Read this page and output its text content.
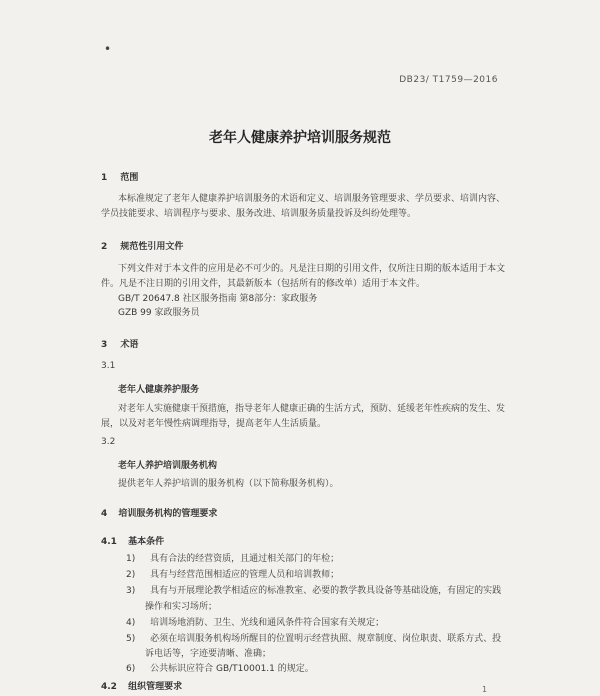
•
DB23/ T1759—2016
老年人健康养护培训服务规范
1 范围
本标准规定了老年人健康养护培训服务的术语和定义、培训服务管理要求、学员要求、培训内容、
学员技能要求、培训程序与要求、服务改进、培训服务质量投诉及纠纷处理等。
2 规范性引用文件
下列文件对于本文件的应用是必不可少的。凡是注日期的引用文件，仅所注日期的版本适用于本文
件。凡是不注日期的引用文件，其最新版本（包括所有的修改单）适用于本文件。
GB/T 20647.8 社区服务指南 第8部分：家政服务
GZB 99 家政服务员
3 术语
3.1
老年人健康养护服务
对老年人实施健康干预措施，指导老年人健康正确的生活方式，预防、延缓老年性疾病的发生、发
展，以及对老年慢性病调理指导，提高老年人生活质量。
3.2
老年人养护培训服务机构
提供老年人养护培训的服务机构（以下简称服务机构）。
4 培训服务机构的管理要求
4.1 基本条件
1) 具有合法的经营资质，且通过相关部门的年检；
2) 具有与经营范围相适应的管理人员和培训教师；
3) 具有与开展理论教学相适应的标准教室、必要的教学教具设备等基础设施，有固定的实践
操作和实习场所；
4) 培训场地消防、卫生、光线和通风条件符合国家有关规定；
5) 必须在培训服务机构场所醒目的位置明示经营执照、规章制度、岗位职责、联系方式、投
诉电话等，字迹要清晰、准确；
6) 公共标识应符合 GB/T10001.1 的规定。
4.2 组织管理要求	1
